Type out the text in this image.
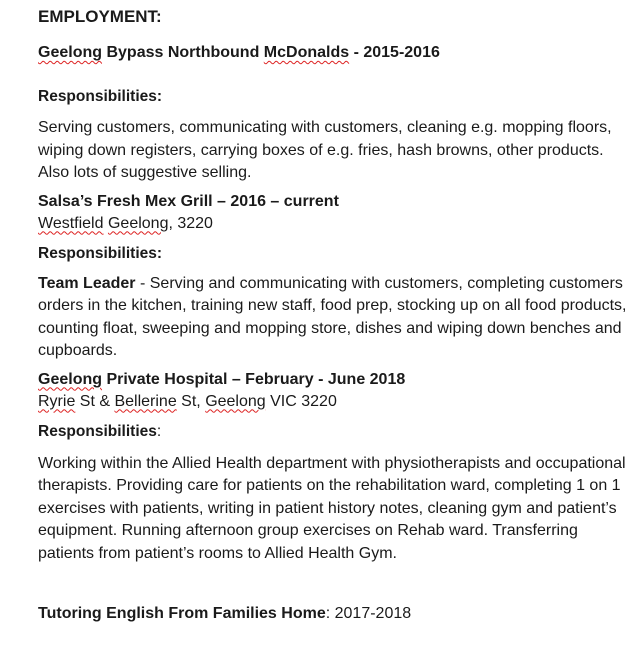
EMPLOYMENT:

Geelong Bypass Northbound McDonalds - 2015-2016

Responsibilities:

Serving customers, communicating with customers, cleaning e.g. mopping floors, wiping down registers, carrying boxes of e.g. fries, hash browns, other products. Also lots of suggestive selling.

Salsa’s Fresh Mex Grill – 2016 – current

Westfield Geelong, 3220

Responsibilities:

Team Leader - Serving and communicating with customers, completing customers orders in the kitchen, training new staff, food prep, stocking up on all food products, counting float, sweeping and mopping store, dishes and wiping down benches and cupboards.

Geelong Private Hospital – February - June 2018

Ryrie St & Bellerine St, Geelong VIC 3220

Responsibilities:

Working within the Allied Health department with physiotherapists and occupational therapists. Providing care for patients on the rehabilitation ward, completing 1 on 1 exercises with patients, writing in patient history notes, cleaning gym and patient’s equipment. Running afternoon group exercises on Rehab ward. Transferring patients from patient’s rooms to Allied Health Gym.

Tutoring English From Families Home: 2017-2018
